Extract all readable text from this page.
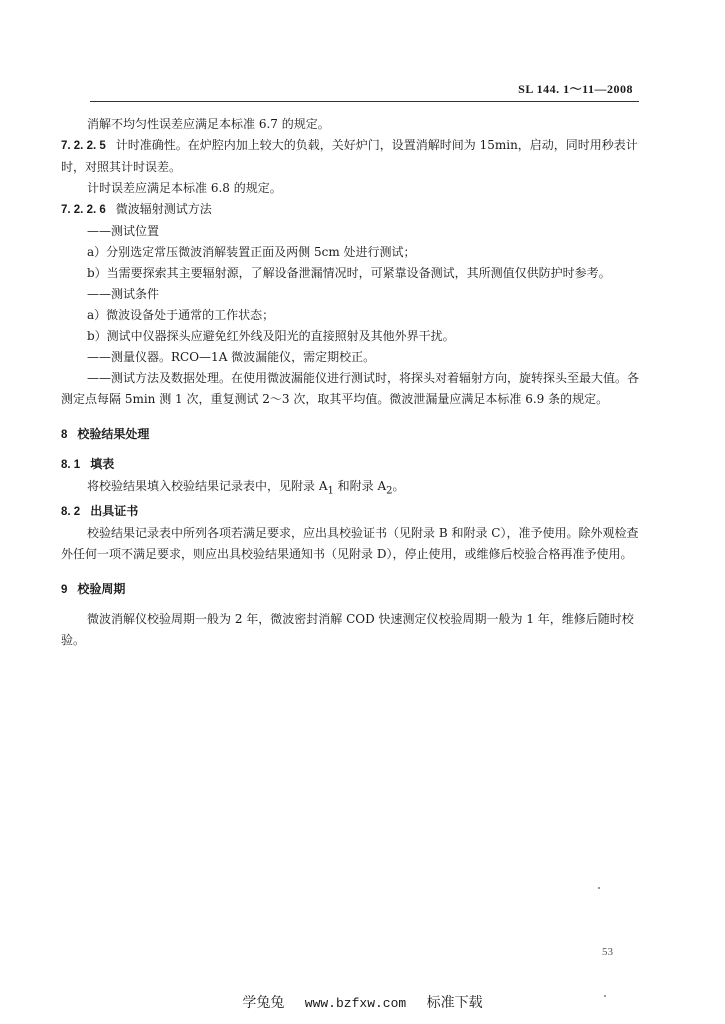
SL 144. 1～11—2008

消解不均匀性误差应满足本标准 6.7 的规定。

7. 2. 2. 5 计时准确性。在炉腔内加上较大的负载，关好炉门，设置消解时间为 15min，启动，同时用秒表计时，对照其计时误差。

计时误差应满足本标准 6.8 的规定。

7. 2. 2. 6 微波辐射测试方法

——测试位置

a）分别选定常压微波消解装置正面及两侧 5cm 处进行测试；

b）当需要探索其主要辐射源，了解设备泄漏情况时，可紧靠设备测试，其所测值仅供防护时参考。

——测试条件

a）微波设备处于通常的工作状态；

b）测试中仪器探头应避免红外线及阳光的直接照射及其他外界干扰。

——测量仪器。RCO—1A 微波漏能仪，需定期校正。

——测试方法及数据处理。在使用微波漏能仪进行测试时，将探头对着辐射方向，旋转探头至最大值。各测定点每隔 5min 测 1 次，重复测试 2～3 次，取其平均值。微波泄漏量应满足本标准 6.9 条的规定。

8 校验结果处理

8. 1 填表

将校验结果填入校验结果记录表中，见附录 $A_1$ 和附录 $A_2$。

8. 2 出具证书

校验结果记录表中所列各项若满足要求，应出具校验证书（见附录 B 和附录 C），准予使用。除外观检查外任何一项不满足要求，则应出具校验结果通知书（见附录 D），停止使用，或维修后校验合格再准予使用。

9 校验周期

微波消解仪校验周期一般为 2 年，微波密封消解 COD 快速测定仪校验周期一般为 1 年，维修后随时校验。

53
学兔兔 www.bzfxw.com 标准下载
